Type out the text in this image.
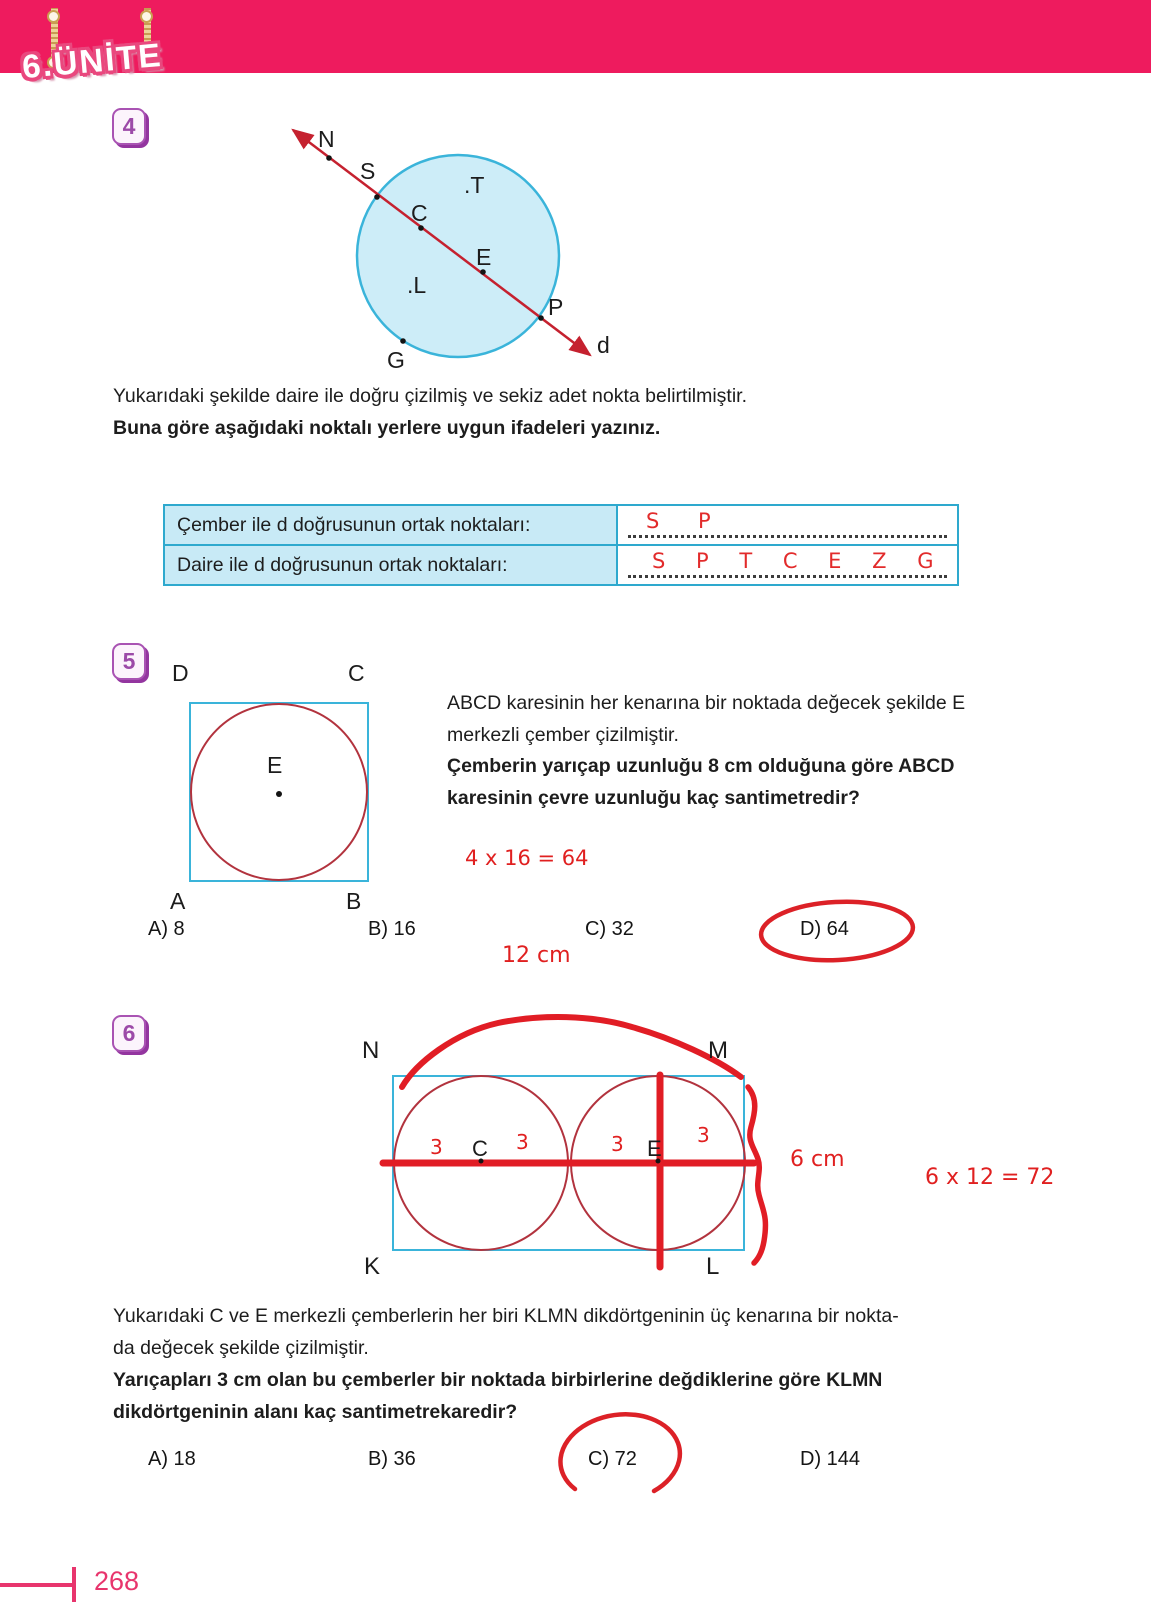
6.ÜNİTE
4	N
S
.T
C
E
.L
P
G
d
Yukarıdaki şekilde daire ile doğru çizilmiş ve sekiz adet nokta belirtilmiştir.
Buna göre aşağıdaki noktalı yerlere uygun ifadeleri yazınız.
Çember ile d doğrusunun ortak noktaları:	S P
Daire ile d doğrusunun ortak noktaları:	S P T C E Z G
5 D	C
A	B
E
ABCD karesinin her kenarına bir noktada değecek şekilde E
merkezli çember çizilmiştir.
Çemberin yarıçap uzunluğu 8 cm olduğuna göre ABCD
karesinin çevre uzunluğu kaç santimetredir?
4 x 16 = 64
A) 8	B) 16	C) 32	D) 64
6
N	M
K	L
C	E
3	3	3	3
12 cm
6 cm
6 x 12 = 72
Yukarıdaki C ve E merkezli çemberlerin her biri KLMN dikdörtgeninin üç kenarına bir nokta-
da değecek şekilde çizilmiştir.
Yarıçapları 3 cm olan bu çemberler bir noktada birbirlerine değdiklerine göre KLMN
dikdörtgeninin alanı kaç santimetrekaredir?
A) 18	B) 36	C) 72	D) 144
268
